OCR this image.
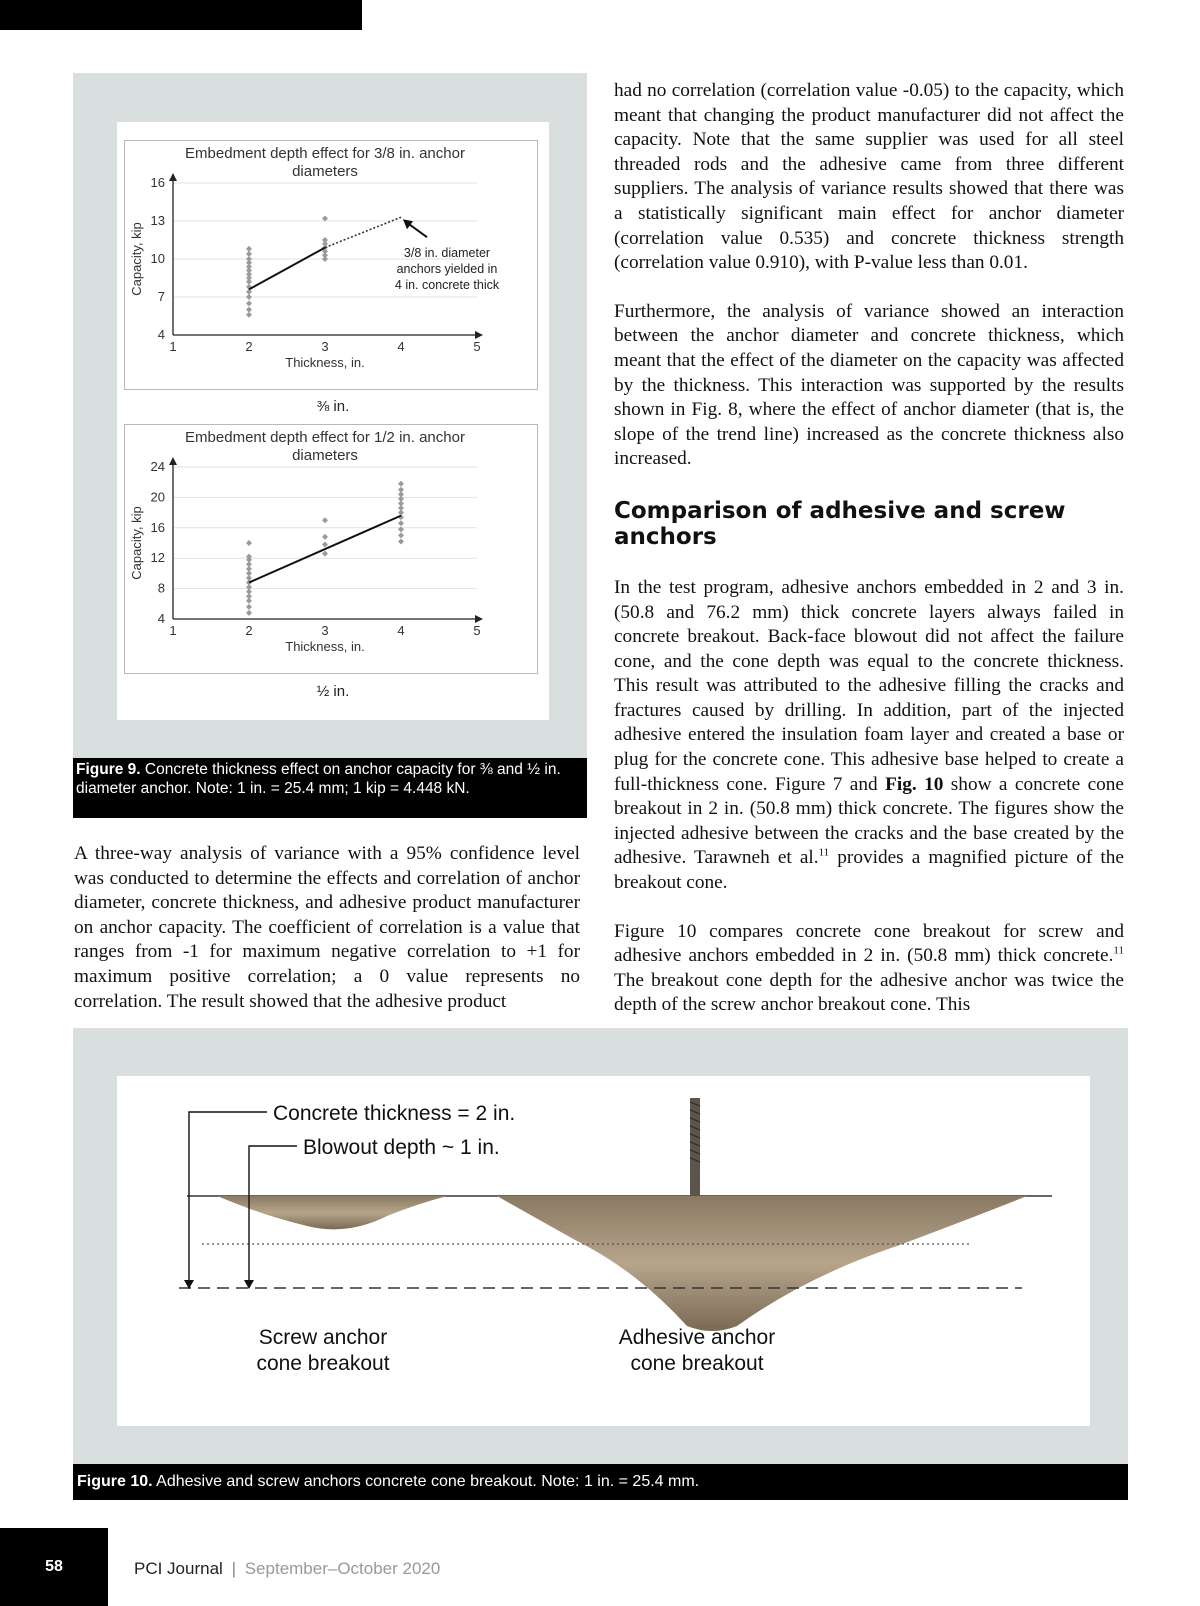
Embedment depth effect for 3/8 in. anchor
diameters
1	2	3	4	5
4
7
10
13
16
Thickness, in.
Capacity, kip	3/8 in. diameter
anchors yielded in
4 in. concrete thick
⅜ in.
Embedment depth effect for 1/2 in. anchor
diameters
1	2	3	4	5
4
8
12
16
20
24
Thickness, in.
Capacity, kip
½ in.
Figure 9. Concrete thickness effect on anchor capacity for ⅜ and ½ in. diameter anchor. Note: 1 in. = 25.4 mm; 1 kip = 4.448 kN.

A three-way analysis of variance with a 95% confidence level was conducted to determine the effects and correlation of anchor diameter, concrete thickness, and adhesive product manufacturer on anchor capacity. The coefficient of correlation is a value that ranges from -1 for maximum negative correlation to +1 for maximum positive correlation; a 0 value represents no correlation. The result showed that the adhesive product

had no correlation (correlation value -0.05) to the capacity, which meant that changing the product manufacturer did not affect the capacity. Note that the same supplier was used for all steel threaded rods and the adhesive came from three different suppliers. The analysis of variance results showed that there was a statistically significant main effect for anchor diameter (correlation value 0.535) and concrete thickness strength (correlation value 0.910), with P-value less than 0.01.

Furthermore, the analysis of variance showed an interaction between the anchor diameter and concrete thickness, which meant that the effect of the diameter on the capacity was affected by the thickness. This interaction was supported by the results shown in Fig. 8, where the effect of anchor diameter (that is, the slope of the trend line) increased as the concrete thickness also increased.

Comparison of adhesive and screw anchors

In the test program, adhesive anchors embedded in 2 and 3 in. (50.8 and 76.2 mm) thick concrete layers always failed in concrete breakout. Back-face blowout did not affect the failure cone, and the cone depth was equal to the concrete thickness. This result was attributed to the adhesive filling the cracks and fractures caused by drilling. In addition, part of the injected adhesive entered the insulation foam layer and created a base or plug for the concrete cone. This adhesive base helped to create a full-thickness cone. Figure 7 and Fig. 10 show a concrete cone breakout in 2 in. (50.8 mm) thick concrete. The figures show the injected adhesive between the cracks and the base created by the adhesive. Tarawneh et al.$^{11}$ provides a magnified picture of the breakout cone.

Figure 10 compares concrete cone breakout for screw and adhesive anchors embedded in 2 in. (50.8 mm) thick concrete.$^{11}$ The breakout cone depth for the adhesive anchor was twice the depth of the screw anchor breakout cone. This

Concrete thickness = 2 in.
Blowout depth ~ 1 in.
Screw anchor
cone breakout
Adhesive anchor
cone breakout
Figure 10. Adhesive and screw anchors concrete cone breakout. Note: 1 in. = 25.4 mm.
58	PCI Journal | September–October 2020
